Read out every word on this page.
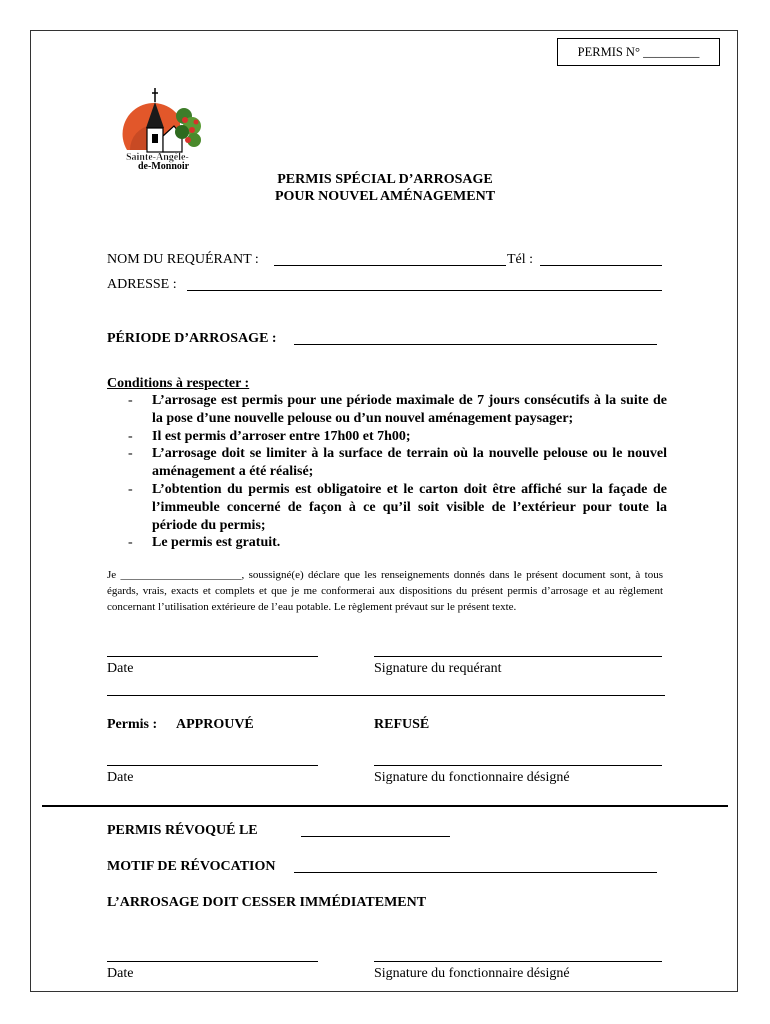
PERMIS N° _________
Sainte-Angèle-
de-Monnoir
PERMIS SPÉCIAL D’ARROSAGE
POUR NOUVEL AMÉNAGEMENT
NOM DU REQUÉRANT :	Tél :
ADRESSE :
PÉRIODE D’ARROSAGE :
Conditions à respecter :
- L’arrosage est permis pour une période maximale de 7 jours consécutifs à la suite de la pose d’une nouvelle pelouse ou d’un nouvel aménagement paysager;
- Il est permis d’arroser entre 17h00 et 7h00;
- L’arrosage doit se limiter à la surface de terrain où la nouvelle pelouse ou le nouvel aménagement a été réalisé;
- L’obtention du permis est obligatoire et le carton doit être affiché sur la façade de l’immeuble concerné de façon à ce qu’il soit visible de l’extérieur pour toute la période du permis;
- Le permis est gratuit.
Je ______________________, soussigné(e) déclare que les renseignements donnés dans le présent document sont, à tous égards, vrais, exacts et complets et que je me conformerai aux dispositions du présent permis d’arrosage et au règlement concernant l’utilisation extérieure de l’eau potable. Le règlement prévaut sur le présent texte.
Date	Signature du requérant
Permis : APPROUVÉ	REFUSÉ
Date	Signature du fonctionnaire désigné
PERMIS RÉVOQUÉ LE
MOTIF DE RÉVOCATION
L’ARROSAGE DOIT CESSER IMMÉDIATEMENT
Date	Signature du fonctionnaire désigné
